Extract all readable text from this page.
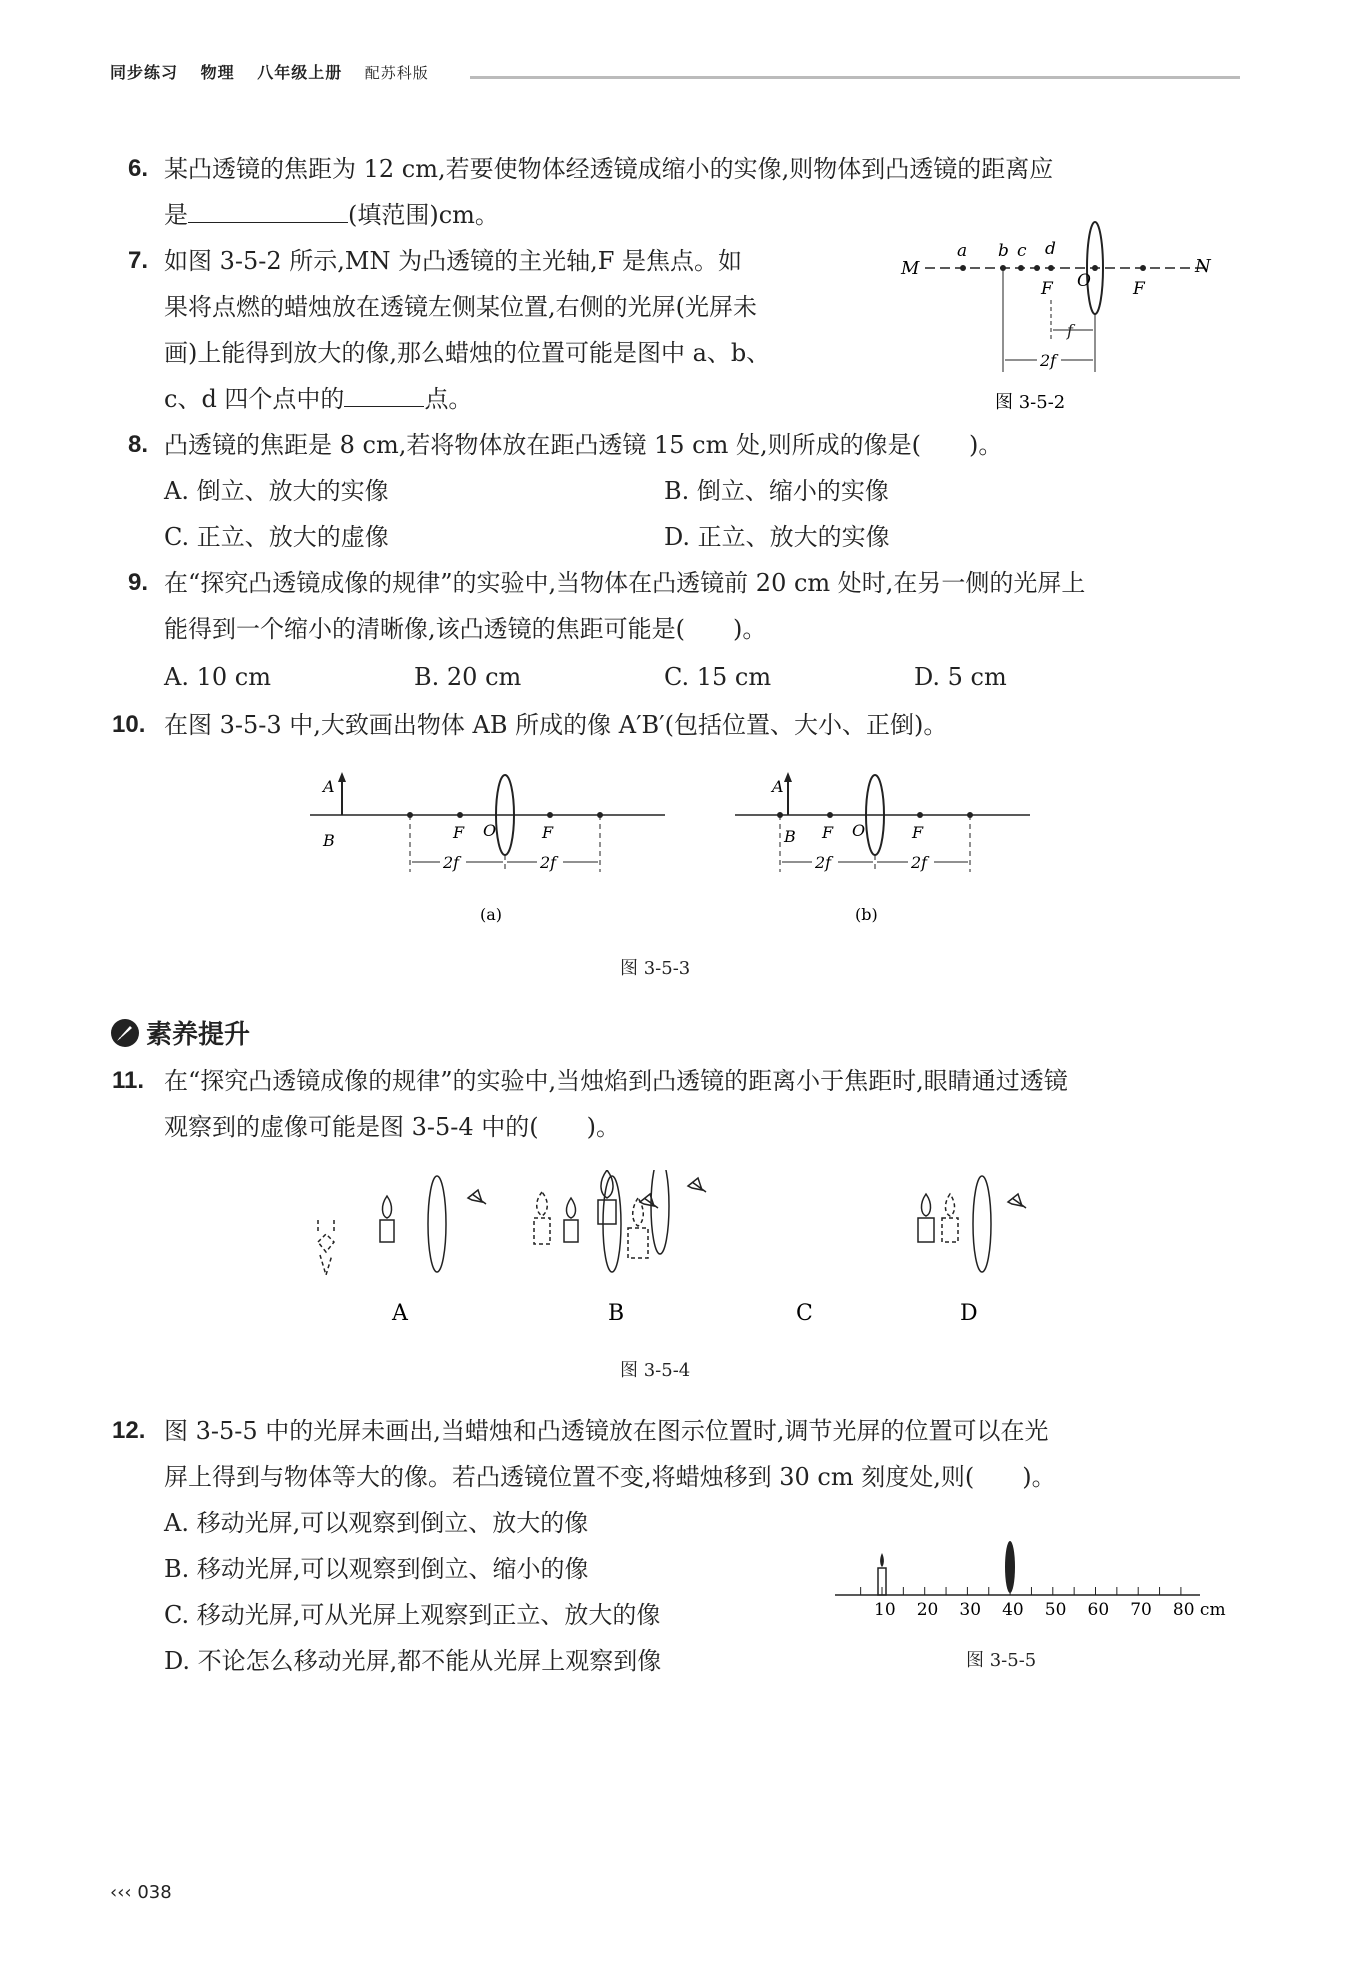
同步练习 物理 八年级上册 配苏科版
6. 某凸透镜的焦距为 12 cm,若要使物体经透镜成缩小的实像,则物体到凸透镜的距离应
是	(填范围)cm。
7. 如图 3-5-2 所示,MN 为凸透镜的主光轴,F 是焦点。如
果将点燃的蜡烛放在透镜左侧某位置,右侧的光屏(光屏未
画)上能得到放大的像,那么蜡烛的位置可能是图中 a、b、
c、d 四个点中的	点。
M	N
a b c d
F	F
O
f
2f
图 3-5-2
8. 凸透镜的焦距是 8 cm,若将物体放在距凸透镜 15 cm 处,则所成的像是(　　)。
A. 倒立、放大的实像	B. 倒立、缩小的实像
C. 正立、放大的虚像	D. 正立、放大的实像
9. 在“探究凸透镜成像的规律”的实验中,当物体在凸透镜前 20 cm 处时,在另一侧的光屏上
能得到一个缩小的清晰像,该凸透镜的焦距可能是(　　)。
A. 10 cm	B. 20 cm	C. 15 cm	D. 5 cm
10. 在图 3-5-3 中,大致画出物体 AB 所成的像 A′B′(包括位置、大小、正倒)。
A
B	F O	F
2f	2f
(a)
A
B F O	F
2f	2f
(b)
图 3-5-3
素养提升
11. 在“探究凸透镜成像的规律”的实验中,当烛焰到凸透镜的距离小于焦距时,眼睛通过透镜
观察到的虚像可能是图 3-5-4 中的(　　)。
A	B	C	D
图 3-5-4
12. 图 3-5-5 中的光屏未画出,当蜡烛和凸透镜放在图示位置时,调节光屏的位置可以在光
屏上得到与物体等大的像。若凸透镜位置不变,将蜡烛移到 30 cm 刻度处,则(　　)。
A. 移动光屏,可以观察到倒立、放大的像
B. 移动光屏,可以观察到倒立、缩小的像
C. 移动光屏,可从光屏上观察到正立、放大的像
D. 不论怎么移动光屏,都不能从光屏上观察到像
10 20 30 40 50 60 70 80 cm
图 3-5-5
‹‹‹ 038
